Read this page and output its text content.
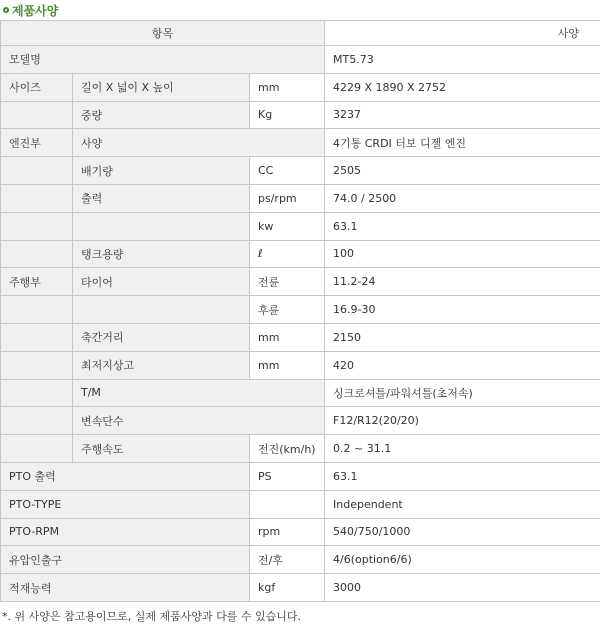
제품사양
항목			사양
모델명			MT5.73
사이즈	길이 X 넓이 X 높이	mm	4229 X 1890 X 2752
	중량	Kg	3237
엔진부	사양		4기통 CRDI 터보 디젤 엔진
	배기량	CC	2505
	출력	ps/rpm	74.0 / 2500
		kw	63.1
	탱크용량	ℓ	100
주행부	타이어	전륜	11.2-24
		후륜	16.9-30
	축간거리	mm	2150
	최저지상고	mm	420
	T/M		싱크로셔틀/파워셔틀(초저속)
	변속단수		F12/R12(20/20)
	주행속도	전진(km/h)	0.2 ~ 31.1
PTO 출력		PS	63.1
PTO-TYPE			Independent
PTO-RPM		rpm	540/750/1000
유압인출구		전/후	4/6(option6/6)
적재능력		kgf	3000
*. 위 사양은 참고용이므로, 실제 제품사양과 다를 수 있습니다.
